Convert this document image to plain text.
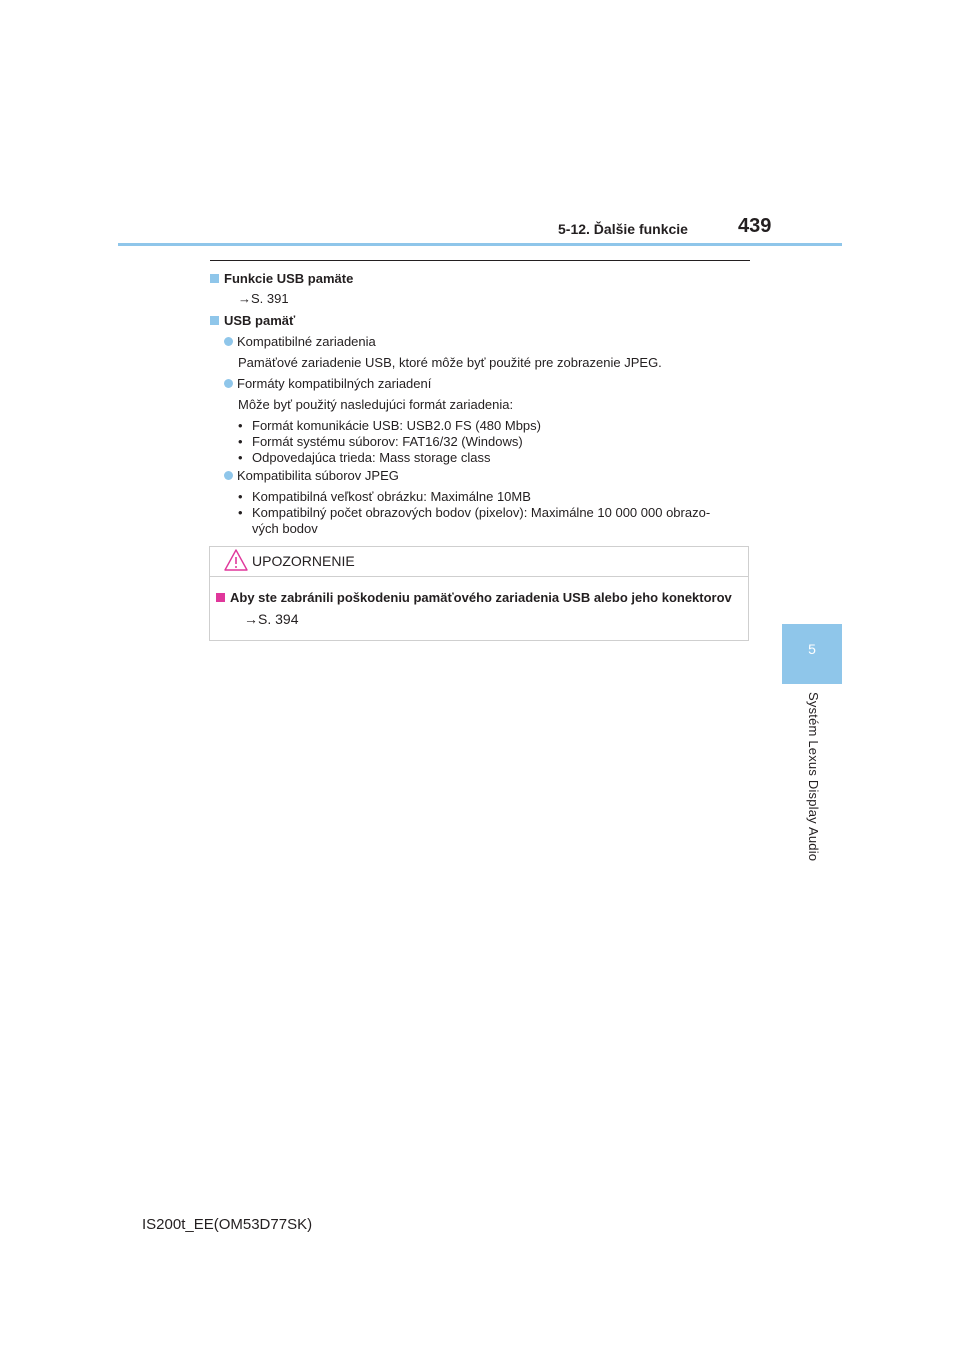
5-12. Ďalšie funkcie	439
5
Systém Lexus Display Audio
Funkcie USB pamäte
→S. 391
USB pamäť
Kompatibilné zariadenia
Pamäťové zariadenie USB, ktoré môže byť použité pre zobrazenie JPEG.
Formáty kompatibilných zariadení
Môže byť použitý nasledujúci formát zariadenia:
• Formát komunikácie USB: USB2.0 FS (480 Mbps)
• Formát systému súborov: FAT16/32 (Windows)
• Odpovedajúca trieda: Mass storage class
Kompatibilita súborov JPEG
• Kompatibilná veľkosť obrázku: Maximálne 10MB
• Kompatibilný počet obrazových bodov (pixelov): Maximálne 10 000 000 obrazo-
vých bodov
UPOZORNENIE
Aby ste zabránili poškodeniu pamäťového zariadenia USB alebo jeho konektorov
→S. 394
IS200t_EE(OM53D77SK)
